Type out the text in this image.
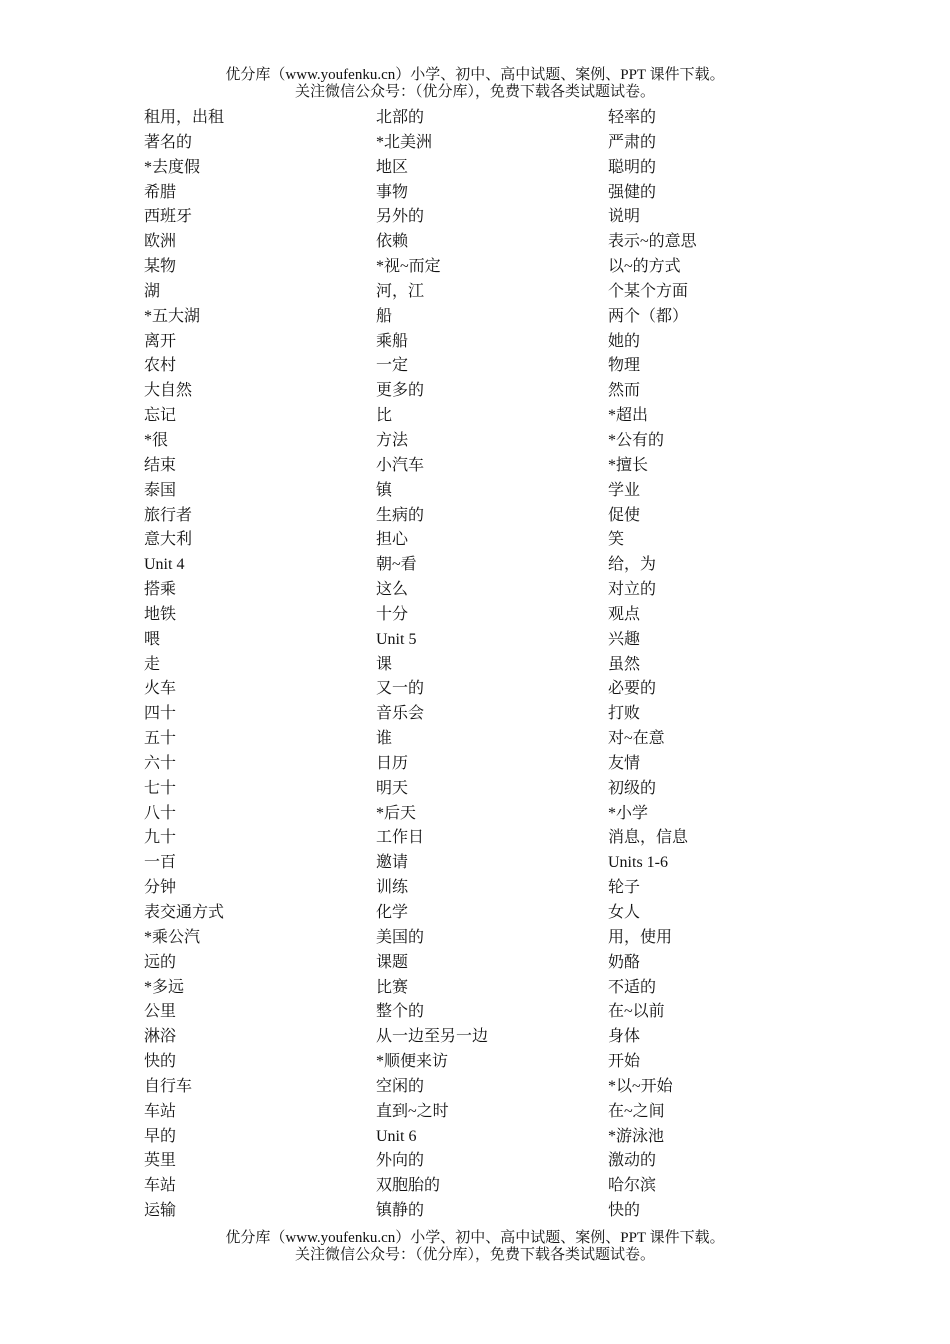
优分库（www.youfenku.cn）小学、初中、高中试题、案例、PPT 课件下载。
关注微信公众号：（优分库），免费下载各类试题试卷。
租用，出租
著名的
*去度假
希腊
西班牙
欧洲
某物
湖
*五大湖
离开
农村
大自然
忘记
*很
结束
泰国
旅行者
意大利
Unit 4
搭乘
地铁
喂
走
火车
四十
五十
六十
七十
八十
九十
一百
分钟
表交通方式
*乘公汽
远的
*多远
公里
淋浴
快的
自行车
车站
早的
英里
车站
运输
北部的
*北美洲
地区
事物
另外的
依赖
*视~而定
河，江
船
乘船
一定
更多的
比
方法
小汽车
镇
生病的
担心
朝~看
这么
十分
Unit 5
课
又一的
音乐会
谁
日历
明天
*后天
工作日
邀请
训练
化学
美国的
课题
比赛
整个的
从一边至另一边
*顺便来访
空闲的
直到~之时
Unit 6
外向的
双胞胎的
镇静的
轻率的
严肃的
聪明的
强健的
说明
表示~的意思
以~的方式
个某个方面
两个（都）
她的
物理
然而
*超出
*公有的
*擅长
学业
促使
笑
给，为
对立的
观点
兴趣
虽然
必要的
打败
对~在意
友情
初级的
*小学
消息，信息
Units 1-6
轮子
女人
用，使用
奶酪
不适的
在~以前
身体
开始
*以~开始
在~之间
*游泳池
激动的
哈尔滨
快的
优分库（www.youfenku.cn）小学、初中、高中试题、案例、PPT 课件下载。
关注微信公众号：（优分库），免费下载各类试题试卷。
